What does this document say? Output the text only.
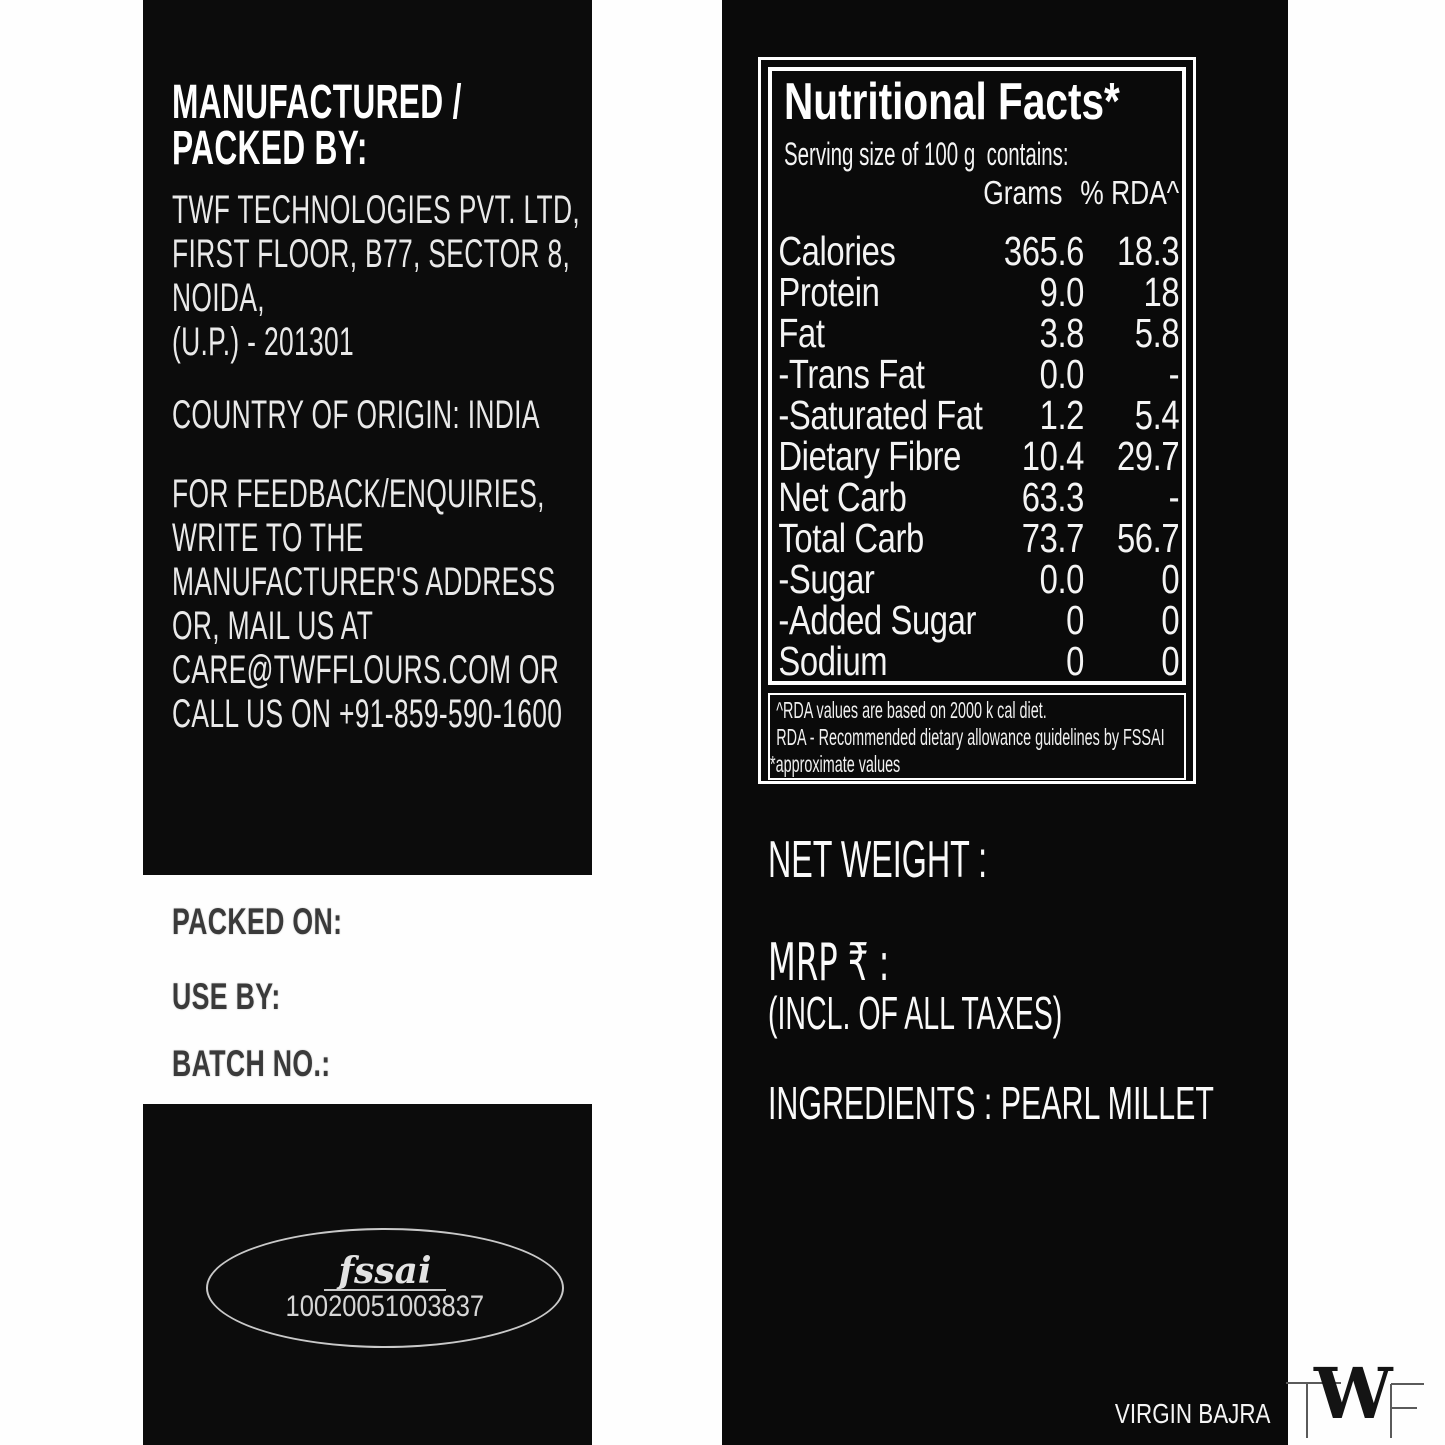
MANUFACTURED /
PACKED BY:
TWF TECHNOLOGIES PVT. LTD,
FIRST FLOOR, B77, SECTOR 8,
NOIDA,
(U.P.) - 201301
COUNTRY OF ORIGIN: INDIA
FOR FEEDBACK/ENQUIRIES,
WRITE TO THE
MANUFACTURER'S ADDRESS
OR, MAIL US AT
CARE@TWFFLOURS.COM OR
CALL US ON +91-859-590-1600
PACKED ON:
USE BY:
BATCH NO.:
fssai
10020051003837
Nutritional Facts*
Serving size of 100 g  contains:
Grams % RDA^
Calories	365.6 18.3
Protein	9.0 18
Fat	3.8 5.8
-Trans Fat	0.0 -
-Saturated Fat 1.2 5.4
Dietary Fibre 10.4 29.7
Net Carb	63.3 -
Total Carb 73.7 56.7
-Sugar	0.0 0
-Added Sugar 0 0
Sodium	0 0
^RDA values are based on 2000 k cal diet.
RDA - Recommended dietary allowance guidelines by FSSAI
*approximate values
NET WEIGHT :
MRP ₹ :
(INCL. OF ALL TAXES)
INGREDIENTS : PEARL MILLET
VIRGIN BAJRA W
